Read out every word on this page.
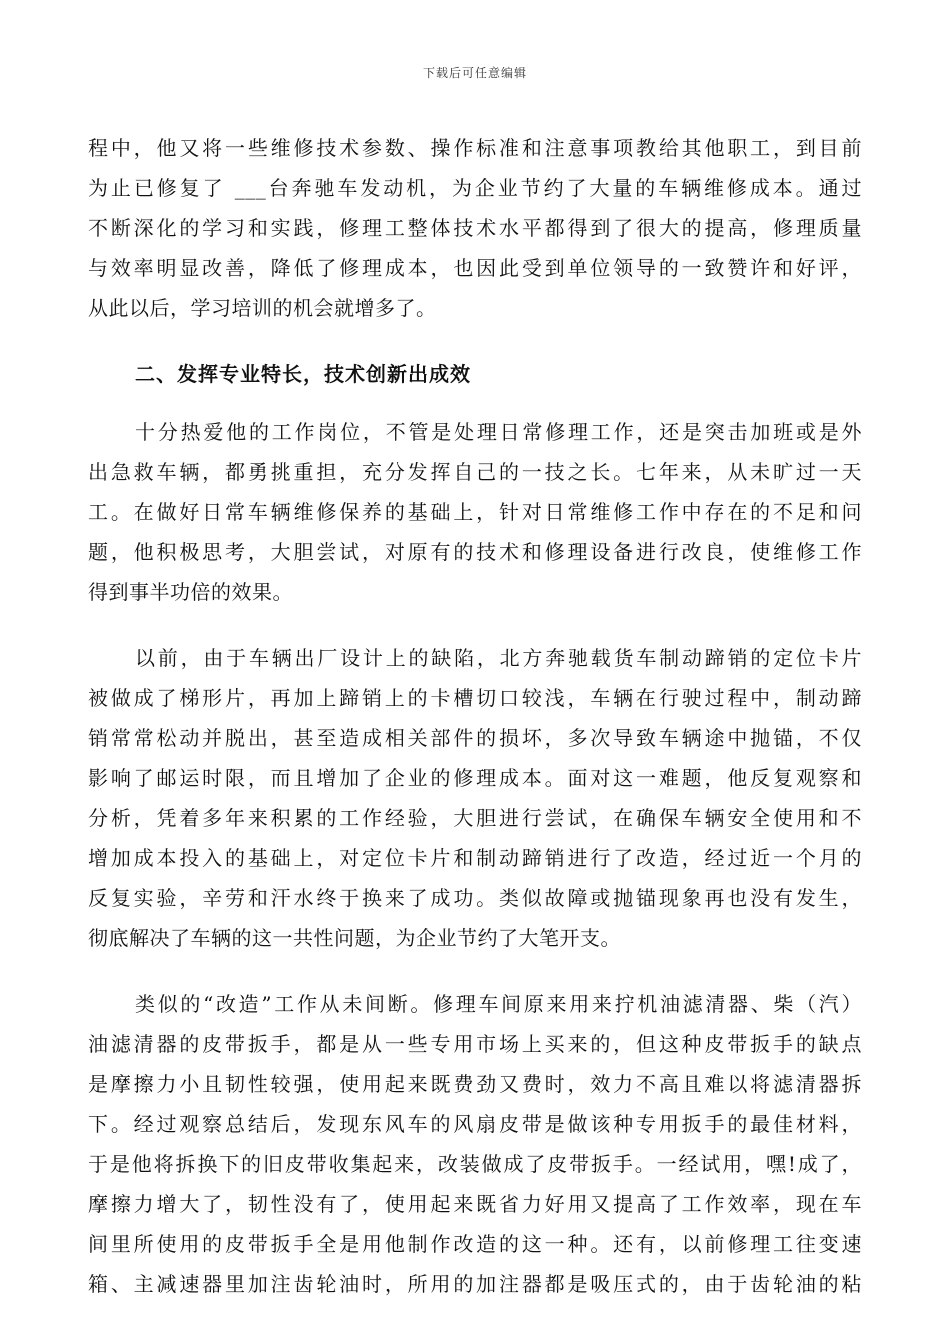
下载后可任意编辑
程中，他又将一些维修技术参数、操作标准和注意事项教给其他职工，到目前
为止已修复了 ___台奔驰车发动机，为企业节约了大量的车辆维修成本。通过
不断深化的学习和实践，修理工整体技术水平都得到了很大的提高，修理质量
与效率明显改善，降低了修理成本，也因此受到单位领导的一致赞许和好评，
从此以后，学习培训的机会就增多了。
二、发挥专业特长，技术创新出成效
十分热爱他的工作岗位，不管是处理日常修理工作，还是突击加班或是外
出急救车辆，都勇挑重担，充分发挥自己的一技之长。七年来，从未旷过一天
工。在做好日常车辆维修保养的基础上，针对日常维修工作中存在的不足和问
题，他积极思考，大胆尝试，对原有的技术和修理设备进行改良，使维修工作
得到事半功倍的效果。
以前，由于车辆出厂设计上的缺陷，北方奔驰载货车制动蹄销的定位卡片
被做成了梯形片，再加上蹄销上的卡槽切口较浅，车辆在行驶过程中，制动蹄
销常常松动并脱出，甚至造成相关部件的损坏，多次导致车辆途中抛锚，不仅
影响了邮运时限，而且增加了企业的修理成本。面对这一难题，他反复观察和
分析，凭着多年来积累的工作经验，大胆进行尝试，在确保车辆安全使用和不
增加成本投入的基础上，对定位卡片和制动蹄销进行了改造，经过近一个月的
反复实验，辛劳和汗水终于换来了成功。类似故障或抛锚现象再也没有发生，
彻底解决了车辆的这一共性问题，为企业节约了大笔开支。
类似的“改造”工作从未间断。修理车间原来用来拧机油滤清器、柴（汽）
油滤清器的皮带扳手，都是从一些专用市场上买来的，但这种皮带扳手的缺点
是摩擦力小且韧性较强，使用起来既费劲又费时，效力不高且难以将滤清器拆
下。经过观察总结后，发现东风车的风扇皮带是做该种专用扳手的最佳材料，
于是他将拆换下的旧皮带收集起来，改装做成了皮带扳手。一经试用，嘿!成了，
摩擦力增大了，韧性没有了，使用起来既省力好用又提高了工作效率，现在车
间里所使用的皮带扳手全是用他制作改造的这一种。还有，以前修理工往变速
箱、主减速器里加注齿轮油时，所用的加注器都是吸压式的，由于齿轮油的粘
